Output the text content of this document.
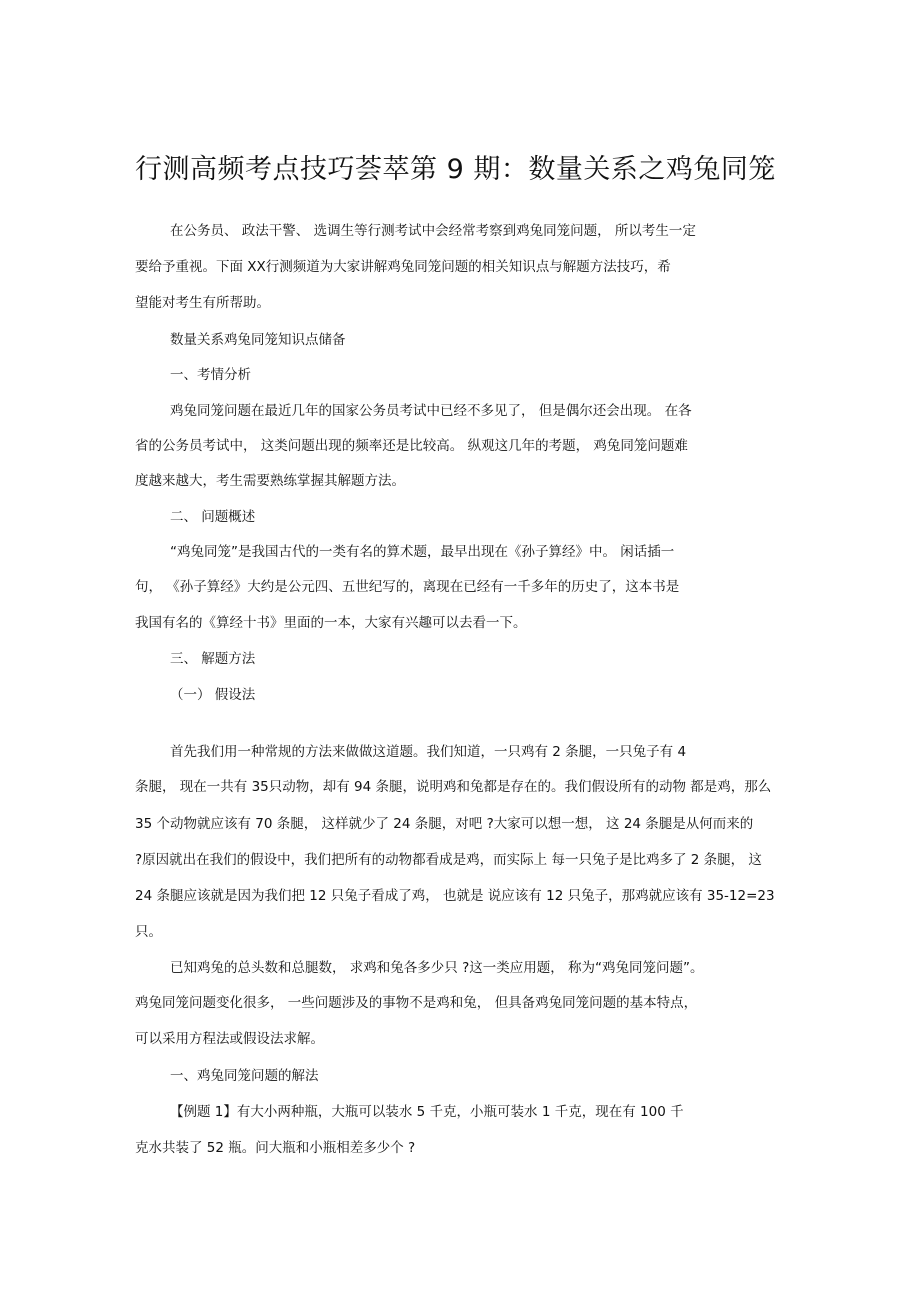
行测高频考点技巧荟萃第 9 期：数量关系之鸡兔同笼
在公务员、 政法干警、 选调生等行测考试中会经常考察到鸡兔同笼问题， 所以考生一定
要给予重视。下面 XX行测频道为大家讲解鸡兔同笼问题的相关知识点与解题方法技巧，希
望能对考生有所帮助。
数量关系鸡兔同笼知识点储备
一、考情分析
鸡兔同笼问题在最近几年的国家公务员考试中已经不多见了， 但是偶尔还会出现。 在各
省的公务员考试中， 这类问题出现的频率还是比较高。 纵观这几年的考题， 鸡兔同笼问题难
度越来越大，考生需要熟练掌握其解题方法。
二、 问题概述
“鸡兔同笼”是我国古代的一类有名的算术题，最早出现在《孙子算经》中。 闲话插一
句， 《孙子算经》大约是公元四、五世纪写的，离现在已经有一千多年的历史了，这本书是
我国有名的《算经十书》里面的一本，大家有兴趣可以去看一下。
三、 解题方法
（一） 假设法
首先我们用一种常规的方法来做做这道题。我们知道，一只鸡有 2 条腿，一只兔子有 4
条腿， 现在一共有 35只动物，却有 94 条腿，说明鸡和兔都是存在的。我们假设所有的动物 都是鸡，那么
35 个动物就应该有 70 条腿， 这样就少了 24 条腿，对吧 ?大家可以想一想， 这 24 条腿是从何而来的
?原因就出在我们的假设中，我们把所有的动物都看成是鸡，而实际上 每一只兔子是比鸡多了 2 条腿， 这
24 条腿应该就是因为我们把 12 只兔子看成了鸡， 也就是 说应该有 12 只兔子，那鸡就应该有 35-12=23
只。
已知鸡兔的总头数和总腿数， 求鸡和兔各多少只 ?这一类应用题， 称为“鸡兔同笼问题”。
鸡兔同笼问题变化很多， 一些问题涉及的事物不是鸡和兔， 但具备鸡兔同笼问题的基本特点，
可以采用方程法或假设法求解。
一、鸡兔同笼问题的解法
【例题 1】有大小两种瓶，大瓶可以装水 5 千克，小瓶可装水 1 千克，现在有 100 千
克水共装了 52 瓶。问大瓶和小瓶相差多少个 ?
